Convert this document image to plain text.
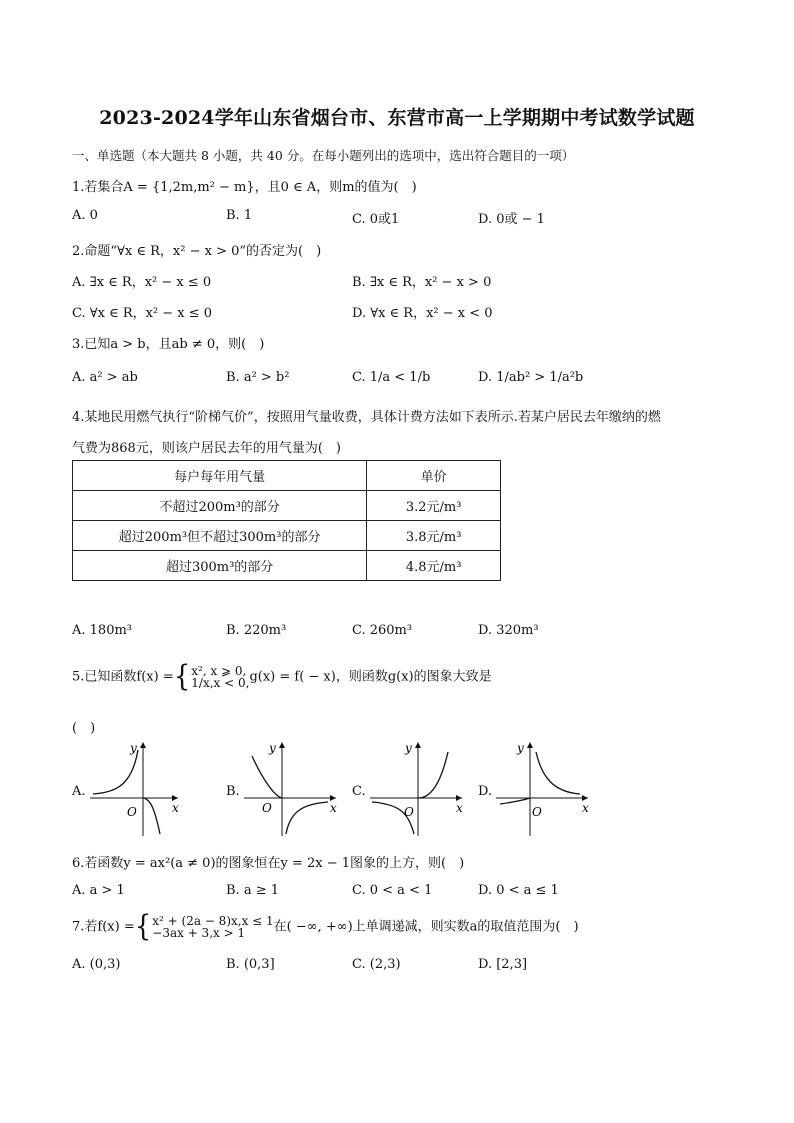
2023-2024学年山东省烟台市、东营市高一上学期期中考试数学试题
一、单选题（本大题共 8 小题，共 40 分。在每小题列出的选项中，选出符合题目的一项）
1.若集合A = {1,2m,m² − m}，且0 ∈ A，则m的值为(　)
A. 0	B. 1	C. 0或1	D. 0或 − 1
2.命题“∀x ∈ R，x² − x > 0”的否定为(　)
A. ∃x ∈ R，x² − x ≤ 0	B. ∃x ∈ R，x² − x > 0
C. ∀x ∈ R，x² − x ≤ 0	D. ∀x ∈ R，x² − x < 0
3.已知a > b，且ab ≠ 0，则(　)
A. a² > ab	B. a² > b²	C. 1/a < 1/b	D. 1/ab² > 1/a²b
4.某地民用燃气执行“阶梯气价”，按照用气量收费，具体计费方法如下表所示.若某户居民去年缴纳的燃
气费为868元，则该户居民去年的用气量为(　)
每户每年用气量	单价
不超过200m³的部分	3.2元/m³
超过200m³但不超过300m³的部分	3.8元/m³
超过300m³的部分	4.8元/m³
A. 180m³	B. 220m³	C. 260m³	D. 320m³
5.已知函数f(x) ={x², x ⩾ 0,
1/x,x < 0,g(x) = f( − x)，则函数g(x)的图象大致是
(　)
A.	B.	C.	D.
y
x
O
y
x
O
y
x
O
y
x
O
6.若函数y = ax²(a ≠ 0)的图象恒在y = 2x − 1图象的上方，则(　)
A. a > 1	B. a ≥ 1	C. 0 < a < 1	D. 0 < a ≤ 1
7.若f(x) ={x² + (2a − 8)x,x ≤ 1
−3ax + 3,x > 1 在( −∞, +∞)上单调递减，则实数a的取值范围为(　)
A. (0,3)	B. (0,3]	C. (2,3)	D. [2,3]
